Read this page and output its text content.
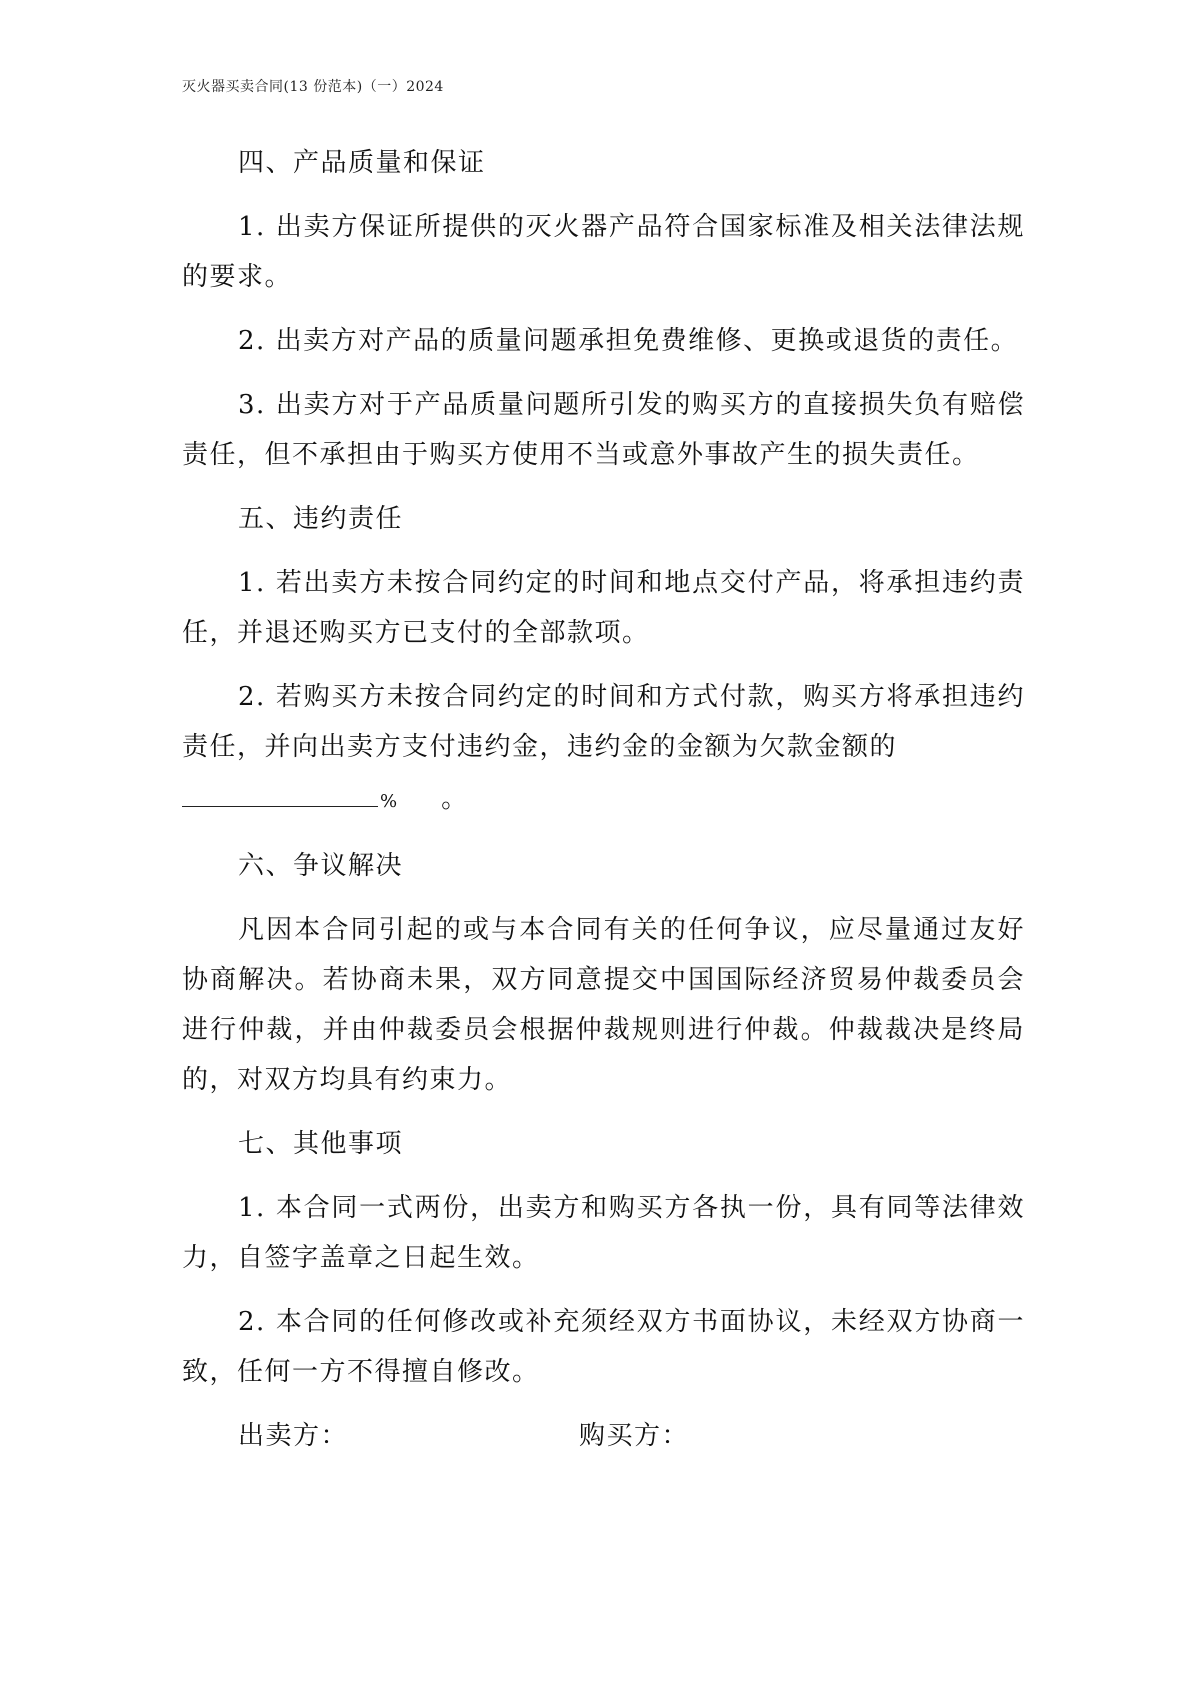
灭火器买卖合同(13 份范本)（一）2024

四、产品质量和保证

1. 出卖方保证所提供的灭火器产品符合国家标准及相关法律法规的要求。

2. 出卖方对产品的质量问题承担免费维修、更换或退货的责任。

3. 出卖方对于产品质量问题所引发的购买方的直接损失负有赔偿责任，但不承担由于购买方使用不当或意外事故产生的损失责任。

五、违约责任

1. 若出卖方未按合同约定的时间和地点交付产品，将承担违约责任，并退还购买方已支付的全部款项。

2. 若购买方未按合同约定的时间和方式付款，购买方将承担违约责任，并向出卖方支付违约金，违约金的金额为欠款金额的

% 。

六、争议解决

凡因本合同引起的或与本合同有关的任何争议，应尽量通过友好协商解决。若协商未果，双方同意提交中国国际经济贸易仲裁委员会进行仲裁，并由仲裁委员会根据仲裁规则进行仲裁。仲裁裁决是终局的，对双方均具有约束力。

七、其他事项

1. 本合同一式两份，出卖方和购买方各执一份，具有同等法律效力，自签字盖章之日起生效。

2. 本合同的任何修改或补充须经双方书面协议，未经双方协商一致，任何一方不得擅自修改。

出卖方：	购买方：
